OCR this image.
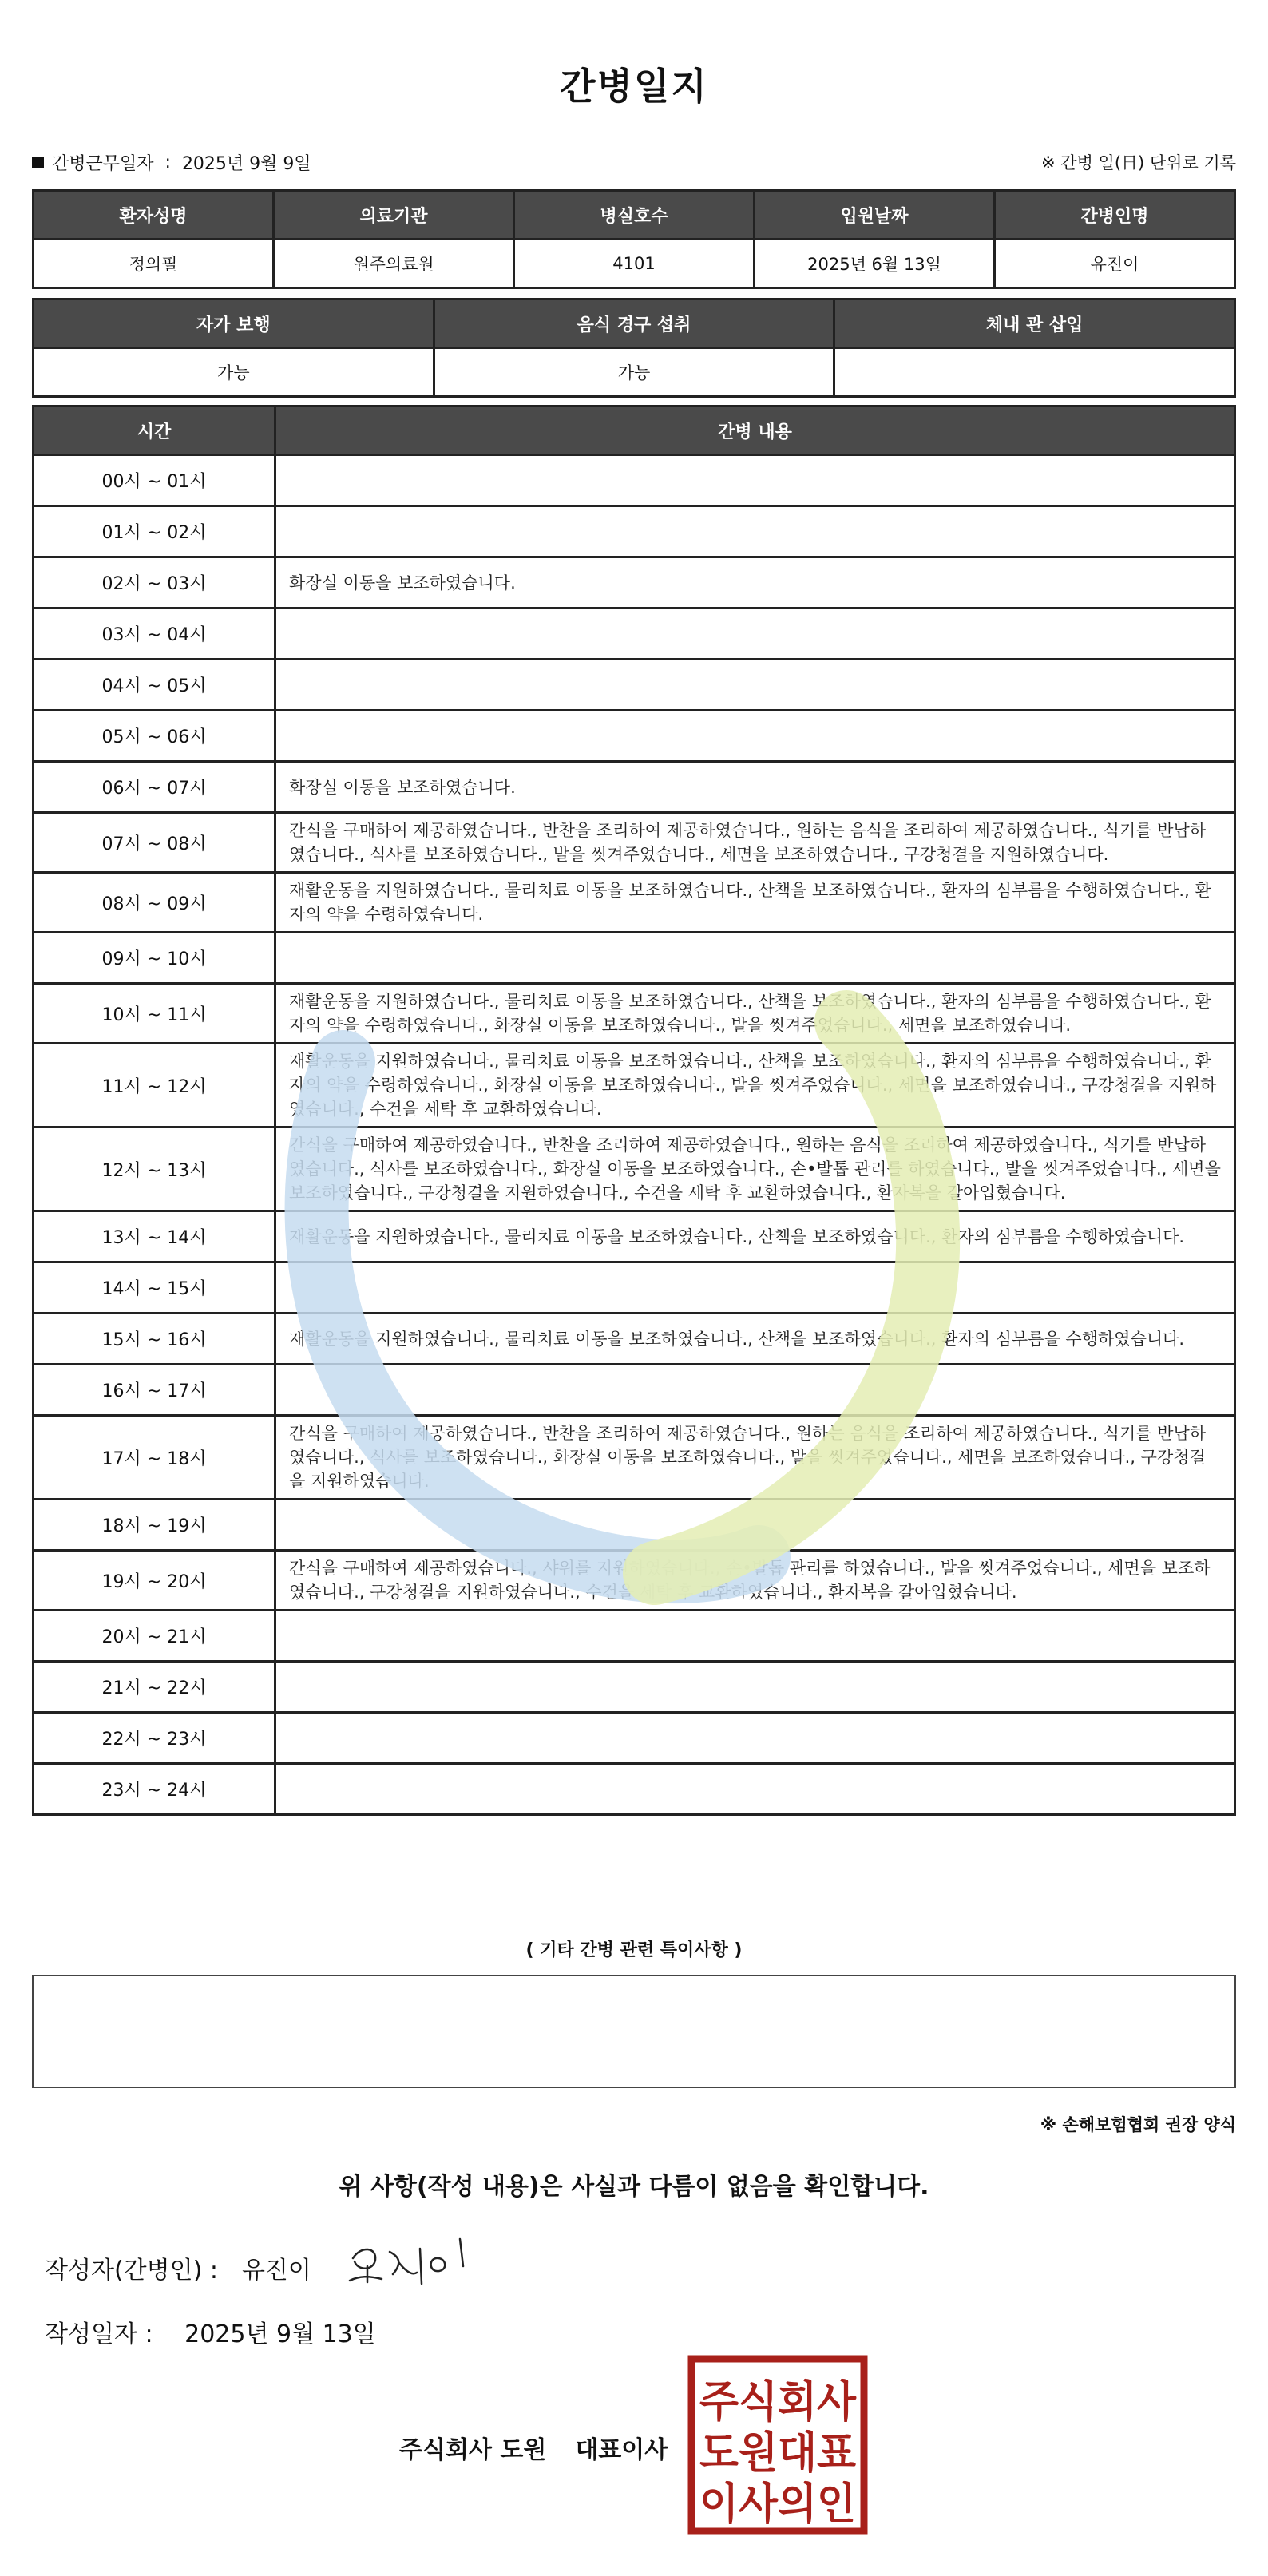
간병일지
간병근무일자 : 2025년 9월 9일	※ 간병 일(日) 단위로 기록
환자성명	의료기관	병실호수	입원날짜	간병인명
정의필	원주의료원	4101	2025년 6월 13일	유진이
자가 보행	음식 경구 섭취	체내 관 삽입
가능	가능	
시간	간병 내용
00시 ~ 01시	
01시 ~ 02시	
02시 ~ 03시	화장실 이동을 보조하였습니다.
03시 ~ 04시	
04시 ~ 05시	
05시 ~ 06시	
06시 ~ 07시	화장실 이동을 보조하였습니다.
07시 ~ 08시	간식을 구매하여 제공하였습니다., 반찬을 조리하여 제공하였습니다., 원하는 음식을 조리하여 제공하였습니다., 식기를 반납하였습니다., 식사를 보조하였습니다., 발을 씻겨주었습니다., 세면을 보조하였습니다., 구강청결을 지원하였습니다.
08시 ~ 09시	재활운동을 지원하였습니다., 물리치료 이동을 보조하였습니다., 산책을 보조하였습니다., 환자의 심부름을 수행하였습니다., 환자의 약을 수령하였습니다.
09시 ~ 10시	
10시 ~ 11시	재활운동을 지원하였습니다., 물리치료 이동을 보조하였습니다., 산책을 보조하였습니다., 환자의 심부름을 수행하였습니다., 환자의 약을 수령하였습니다., 화장실 이동을 보조하였습니다., 발을 씻겨주었습니다., 세면을 보조하였습니다.
11시 ~ 12시	재활운동을 지원하였습니다., 물리치료 이동을 보조하였습니다., 산책을 보조하였습니다., 환자의 심부름을 수행하였습니다., 환자의 약을 수령하였습니다., 화장실 이동을 보조하였습니다., 발을 씻겨주었습니다., 세면을 보조하였습니다., 구강청결을 지원하였습니다., 수건을 세탁 후 교환하였습니다.
12시 ~ 13시	간식을 구매하여 제공하였습니다., 반찬을 조리하여 제공하였습니다., 원하는 음식을 조리하여 제공하였습니다., 식기를 반납하였습니다., 식사를 보조하였습니다., 화장실 이동을 보조하였습니다., 손•발톱 관리를 하였습니다., 발을 씻겨주었습니다., 세면을 보조하였습니다., 구강청결을 지원하였습니다., 수건을 세탁 후 교환하였습니다., 환자복을 갈아입혔습니다.
13시 ~ 14시	재활운동을 지원하였습니다., 물리치료 이동을 보조하였습니다., 산책을 보조하였습니다., 환자의 심부름을 수행하였습니다.
14시 ~ 15시	
15시 ~ 16시	재활운동을 지원하였습니다., 물리치료 이동을 보조하였습니다., 산책을 보조하였습니다., 환자의 심부름을 수행하였습니다.
16시 ~ 17시	
17시 ~ 18시	간식을 구매하여 제공하였습니다., 반찬을 조리하여 제공하였습니다., 원하는 음식을 조리하여 제공하였습니다., 식기를 반납하였습니다., 식사를 보조하였습니다., 화장실 이동을 보조하였습니다., 발을 씻겨주었습니다., 세면을 보조하였습니다., 구강청결을 지원하였습니다.
18시 ~ 19시	
19시 ~ 20시	간식을 구매하여 제공하였습니다., 샤워를 지원하였습니다., 손•발톱 관리를 하였습니다., 발을 씻겨주었습니다., 세면을 보조하였습니다., 구강청결을 지원하였습니다., 수건을 세탁 후 교환하였습니다., 환자복을 갈아입혔습니다.
20시 ~ 21시	
21시 ~ 22시	
22시 ~ 23시	
23시 ~ 24시	
( 기타 간병 관련 특이사항 )
※ 손해보험협회 권장 양식
위 사항(작성 내용)은 사실과 다름이 없음을 확인합니다.
작성자(간병인) : 유진이
작성일자 : 2025년 9월 13일
주식회사 도원 대표이사
주식회사
도원대표
이사의인
